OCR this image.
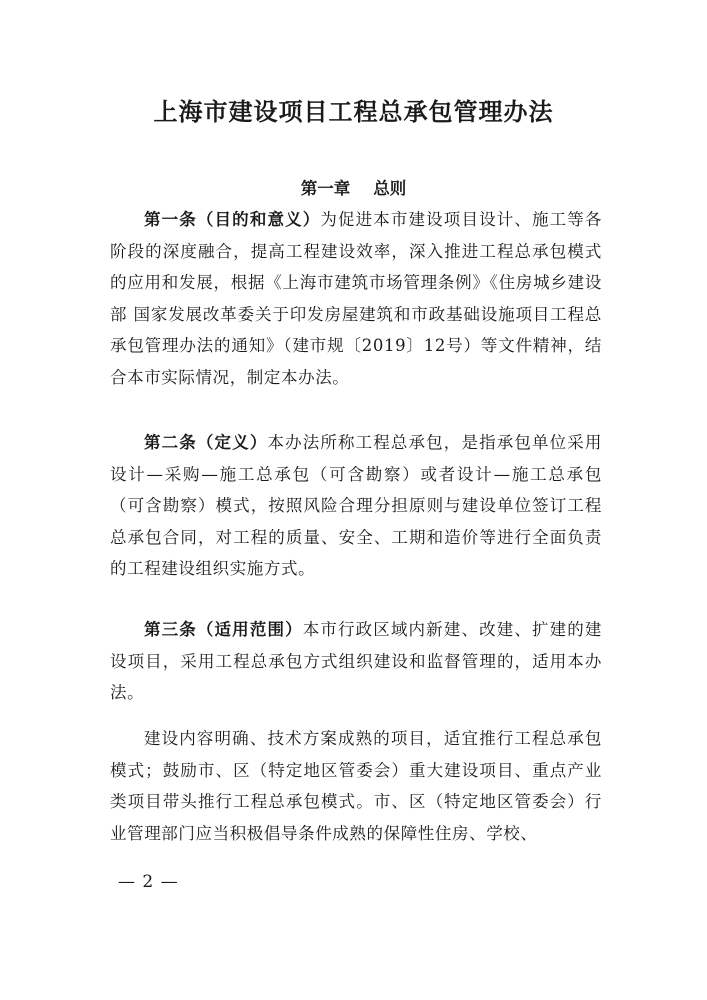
上海市建设项目工程总承包管理办法
第一章    总则

第一条（目的和意义）为促进本市建设项目设计、施工等各阶段的深度融合，提高工程建设效率，深入推进工程总承包模式的应用和发展，根据《上海市建筑市场管理条例》《住房城乡建设部 国家发展改革委关于印发房屋建筑和市政基础设施项目工程总承包管理办法的通知》（建市规〔2019〕12号）等文件精神，结合本市实际情况，制定本办法。

第二条（定义）本办法所称工程总承包，是指承包单位采用设计—采购—施工总承包（可含勘察）或者设计—施工总承包（可含勘察）模式，按照风险合理分担原则与建设单位签订工程总承包合同，对工程的质量、安全、工期和造价等进行全面负责的工程建设组织实施方式。

第三条（适用范围）本市行政区域内新建、改建、扩建的建设项目，采用工程总承包方式组织建设和监督管理的，适用本办法。

建设内容明确、技术方案成熟的项目，适宜推行工程总承包模式；鼓励市、区（特定地区管委会）重大建设项目、重点产业类项目带头推行工程总承包模式。市、区（特定地区管委会）行业管理部门应当积极倡导条件成熟的保障性住房、学校、

— 2 —
